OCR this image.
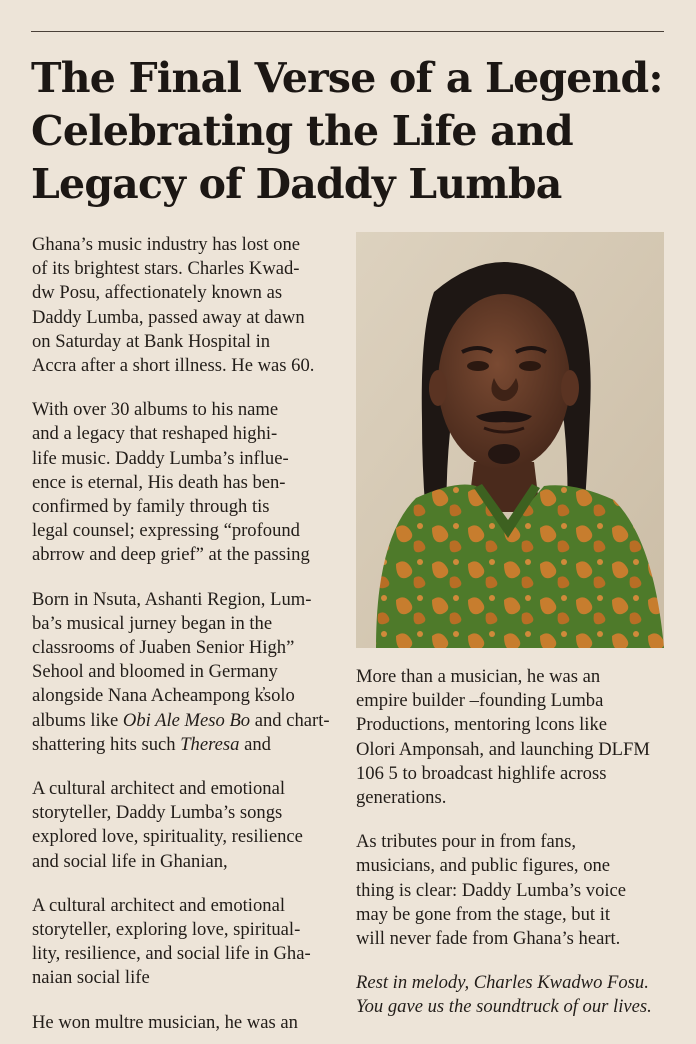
The Final Verse of a Legend: Celebrating the Life and Legacy of Daddy Lumba

Ghana’s music industry has lost one
of its brightest stars. Charles Kwad-
dw Posu, affectionately known as
Daddy Lumba, passed away at dawn
on Saturday at Bank Hospital in
Accra after a short illness. He was 60.

With over 30 albums to his name
and a legacy that reshaped highi-
life music. Daddy Lumba’s influe-
ence is eternal, His death has ben-
confirmed by family through tis
legal counsel; expressing “profound
abrrow and deep grief” at the passing

Born in Nsuta, Ashanti Region, Lum-
ba’s musical jurney began in the
classrooms of Juaben Senior High”
Sehool and bloomed in Germany
alongside Nana Acheampong k̓solo
albums like Obi Ale Meso Bo and chart-
shattering hits such Theresa and

A cultural architect and emotional
storyteller, Daddy Lumba’s songs
explored love, spirituality, resilience
and social life in Ghanian,

A cultural architect and emotional
storyteller, exploring love, spiritual-
lity, resilience, and social life in Gha-
naian social life

He won multre musician, he was an

More than a musician, he was an
empire builder –founding Lumba
Productions, mentoring lcons like
Olori Amponsah, and launching DLFM
106 5 to broadcast highlife across
generations.

As tributes pour in from fans,
musicians, and public figures, one
thing is clear: Daddy Lumba’s voice
may be gone from the stage, but it
will never fade from Ghana’s heart.

Rest in melody, Charles Kwadwo Fosu.
You gave us the soundtruck of our lives.
